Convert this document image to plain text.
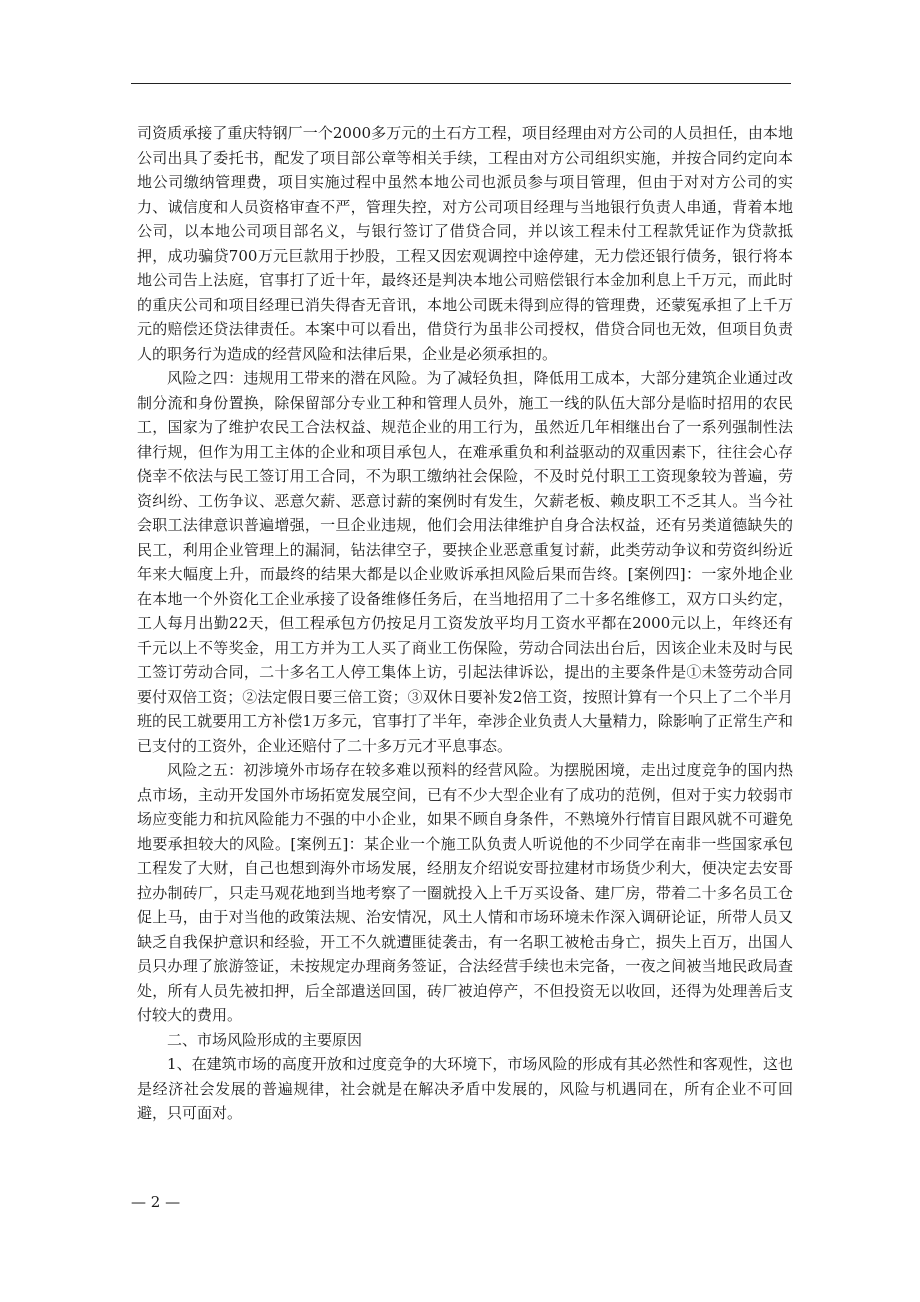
司资质承接了重庆特钢厂一个2000多万元的土石方工程，项目经理由对方公司的人员担任，由本地公司出具了委托书，配发了项目部公章等相关手续，工程由对方公司组织实施，并按合同约定向本地公司缴纳管理费，项目实施过程中虽然本地公司也派员参与项目管理，但由于对对方公司的实力、诚信度和人员资格审查不严，管理失控，对方公司项目经理与当地银行负责人串通，背着本地公司，以本地公司项目部名义，与银行签订了借贷合同，并以该工程未付工程款凭证作为贷款抵押，成功骗贷700万元巨款用于抄股，工程又因宏观调控中途停建，无力偿还银行债务，银行将本地公司告上法庭，官事打了近十年，最终还是判决本地公司赔偿银行本金加利息上千万元，而此时的重庆公司和项目经理已消失得杳无音讯，本地公司既未得到应得的管理费，还蒙冤承担了上千万元的赔偿还贷法律责任。本案中可以看出，借贷行为虽非公司授权，借贷合同也无效，但项目负责人的职务行为造成的经营风险和法律后果，企业是必须承担的。

风险之四：违规用工带来的潜在风险。为了减轻负担，降低用工成本，大部分建筑企业通过改制分流和身份置换，除保留部分专业工种和管理人员外，施工一线的队伍大部分是临时招用的农民工，国家为了维护农民工合法权益、规范企业的用工行为，虽然近几年相继出台了一系列强制性法律行规，但作为用工主体的企业和项目承包人，在难承重负和利益驱动的双重因素下，往往会心存侥幸不依法与民工签订用工合同，不为职工缴纳社会保险，不及时兑付职工工资现象较为普遍，劳资纠纷、工伤争议、恶意欠薪、恶意讨薪的案例时有发生，欠薪老板、赖皮职工不乏其人。当今社会职工法律意识普遍增强，一旦企业违规，他们会用法律维护自身合法权益，还有另类道德缺失的民工，利用企业管理上的漏洞，钻法律空子，要挟企业恶意重复讨薪，此类劳动争议和劳资纠纷近年来大幅度上升，而最终的结果大都是以企业败诉承担风险后果而告终。[案例四]：一家外地企业在本地一个外资化工企业承接了设备维修任务后，在当地招用了二十多名维修工，双方口头约定，工人每月出勤22天，但工程承包方仍按足月工资发放平均月工资水平都在2000元以上，年终还有千元以上不等奖金，用工方并为工人买了商业工伤保险，劳动合同法出台后，因该企业未及时与民工签订劳动合同，二十多名工人停工集体上访，引起法律诉讼，提出的主要条件是①未签劳动合同要付双倍工资；②法定假日要三倍工资；③双休日要补发2倍工资，按照计算有一个只上了二个半月班的民工就要用工方补偿1万多元，官事打了半年，牵涉企业负责人大量精力，除影响了正常生产和已支付的工资外，企业还赔付了二十多万元才平息事态。

风险之五：初涉境外市场存在较多难以预料的经营风险。为摆脱困境，走出过度竞争的国内热点市场，主动开发国外市场拓宽发展空间，已有不少大型企业有了成功的范例，但对于实力较弱市场应变能力和抗风险能力不强的中小企业，如果不顾自身条件，不熟境外行情盲目跟风就不可避免地要承担较大的风险。[案例五]：某企业一个施工队负责人听说他的不少同学在南非一些国家承包工程发了大财，自己也想到海外市场发展，经朋友介绍说安哥拉建材市场货少利大，便决定去安哥拉办制砖厂，只走马观花地到当地考察了一圈就投入上千万买设备、建厂房，带着二十多名员工仓促上马，由于对当他的政策法规、治安情况，风土人情和市场环境未作深入调研论证，所带人员又缺乏自我保护意识和经验，开工不久就遭匪徒袭击，有一名职工被枪击身亡，损失上百万，出国人员只办理了旅游签证，未按规定办理商务签证，合法经营手续也未完备，一夜之间被当地民政局查处，所有人员先被扣押，后全部遣送回国，砖厂被迫停产，不但投资无以收回，还得为处理善后支付较大的费用。

二、市场风险形成的主要原因

1、在建筑市场的高度开放和过度竞争的大环境下，市场风险的形成有其必然性和客观性，这也是经济社会发展的普遍规律，社会就是在解决矛盾中发展的，风险与机遇同在，所有企业不可回避，只可面对。

— 2 —
